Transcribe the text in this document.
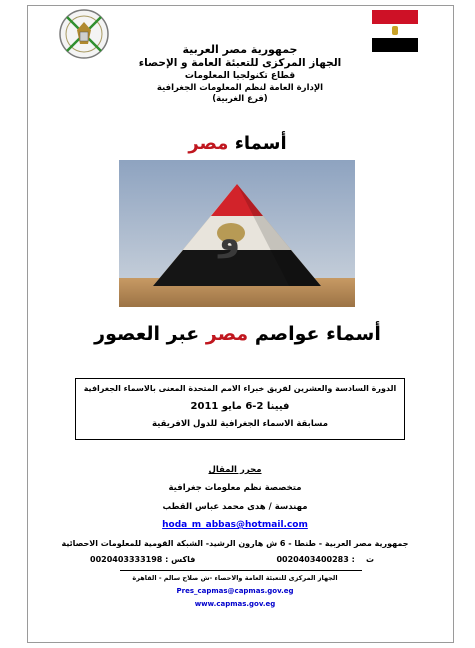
جمهورية مصر العربية
الجهاز المركزى للتعبئة العامة و الإحصاء
قطاع تكنولجيا المعلومات
الإدارة العامة لنظم المعلومات الجغرافية
(فرع الغربية)
أسماء مصر
و
أسماء عواصم مصر عبر العصور
الدورة السادسة والعشرين لفريق خبراء الامم المتحدة المعنى بالاسماء الجغرافية
فيينا 2-6 مايو 2011
مسابقة الاسماء الجغرافية للدول الافريقية
محرر المقال
متخصصة نظم معلومات جغرافية
مهندسة / هدى محمد عباس القطب
hoda_m_abbas@hotmail.com
جمهورية مصر العربية - طنطا - 6 ش هارون الرشيد- الشبكة القومية للمعلومات الاحصائية
فاكس : 0020403333198	ت    : 0020403400283
الجهاز المركزى للتعبئة العامة والاحصاء -ش صلاح سالم - القاهرة
Pres_capmas@capmas.gov.eg
www.capmas.gov.eg
